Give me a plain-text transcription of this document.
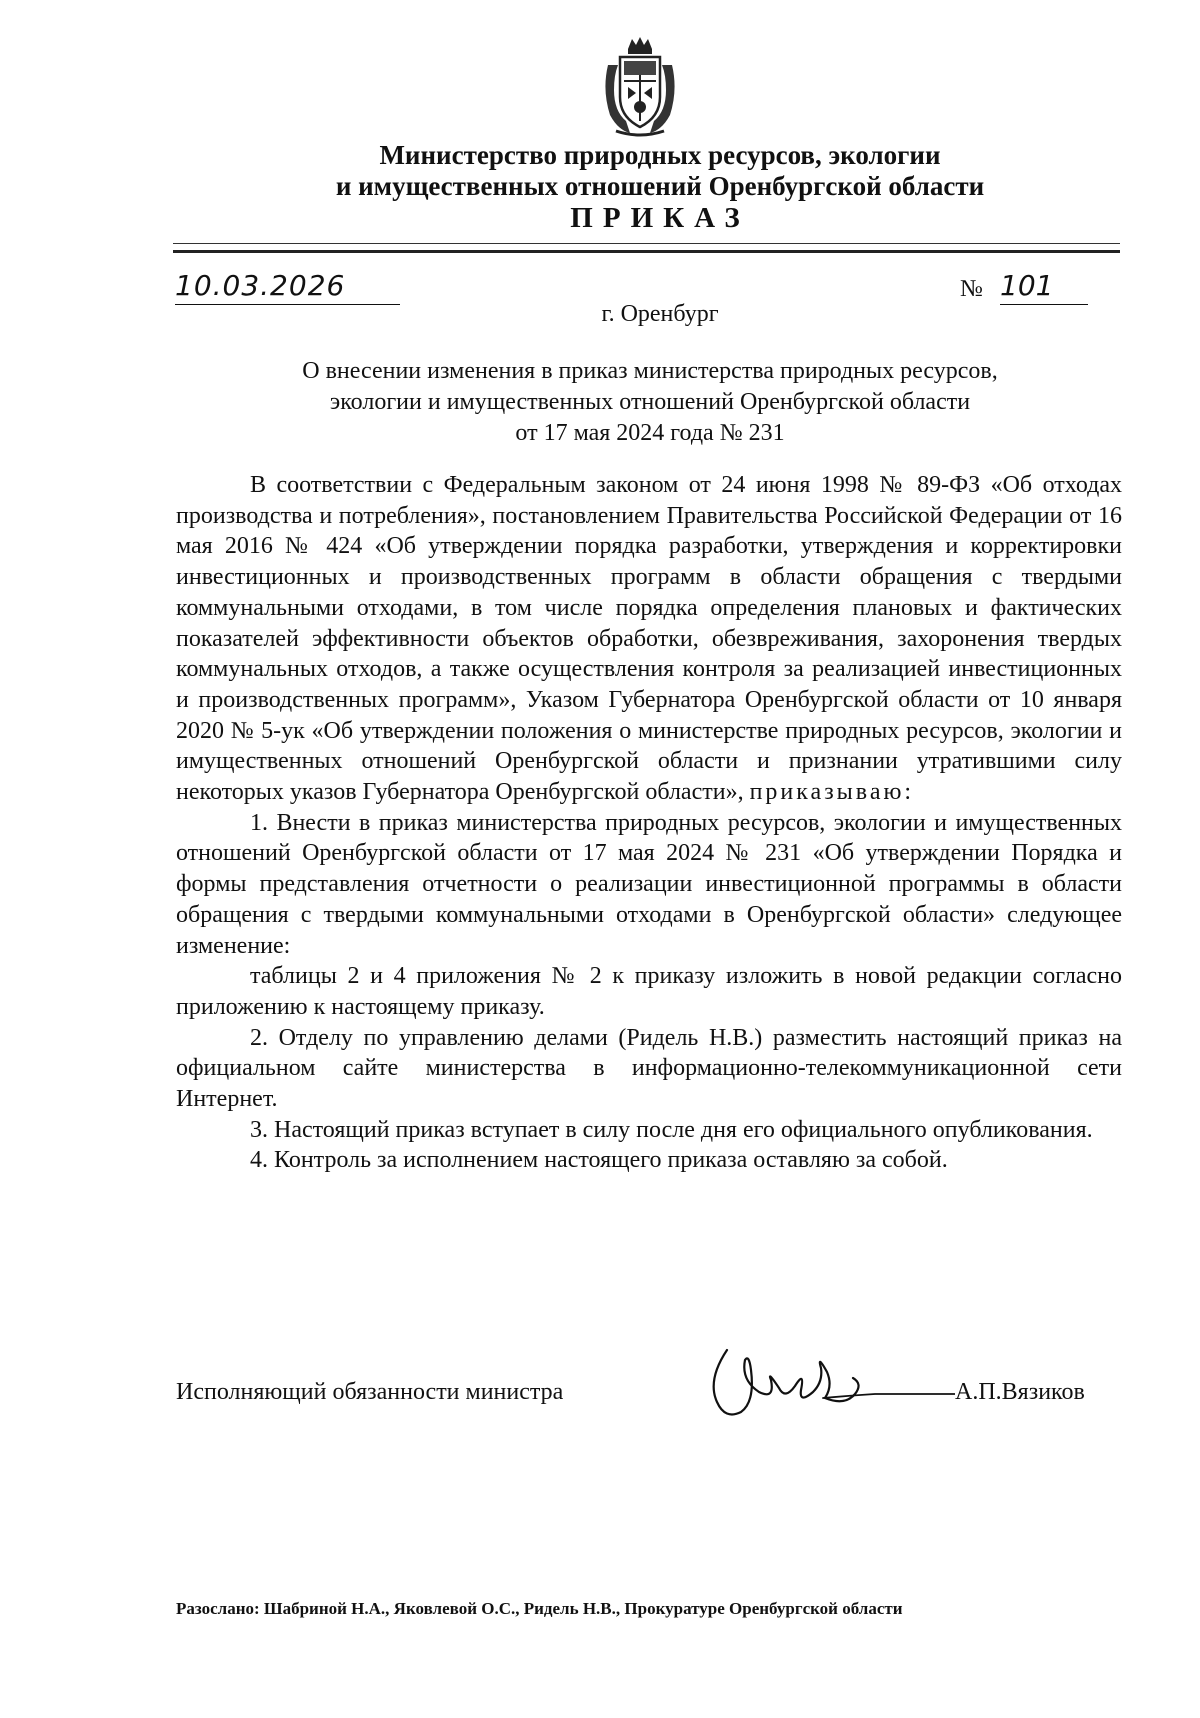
Министерство природных ресурсов, экологии
и имущественных отношений Оренбургской области
ПРИКАЗ
10.03.2026	№ 101
г. Оренбург
О внесении изменения в приказ министерства природных ресурсов,
экологии и имущественных отношений Оренбургской области
от 17 мая 2024 года № 231

В соответствии с Федеральным законом от 24 июня 1998 № 89-ФЗ «Об отходах производства и потребления», постановлением Правительства Российской Федерации от 16 мая 2016 № 424 «Об утверждении порядка разработки, утверждения и корректировки инвестиционных и производственных программ в области обращения с твердыми коммунальными отходами, в том числе порядка определения плановых и фактических показателей эффективности объектов обработки, обезвреживания, захоронения твердых коммунальных отходов, а также осуществления контроля за реализацией инвестиционных и производственных программ», Указом Губернатора Оренбургской области от 10 января 2020 № 5-ук «Об утверждении положения о министерстве природных ресурсов, экологии и имущественных отношений Оренбургской области и признании утратившими силу некоторых указов Губернатора Оренбургской области», приказываю:

1. Внести в приказ министерства природных ресурсов, экологии и имущественных отношений Оренбургской области от 17 мая 2024 № 231 «Об утверждении Порядка и формы представления отчетности о реализации инвестиционной программы в области обращения с твердыми коммунальными отходами в Оренбургской области» следующее изменение:

таблицы 2 и 4 приложения № 2 к приказу изложить в новой редакции согласно приложению к настоящему приказу.

2. Отделу по управлению делами (Ридель Н.В.) разместить настоящий приказ на официальном сайте министерства в информационно-телекоммуникационной сети Интернет.

3. Настоящий приказ вступает в силу после дня его официального опубликования.

4. Контроль за исполнением настоящего приказа оставляю за собой.

Исполняющий обязанности министра	А.П.Вязиков
Разослано: Шабриной Н.А., Яковлевой О.С., Ридель Н.В., Прокуратуре Оренбургской области
